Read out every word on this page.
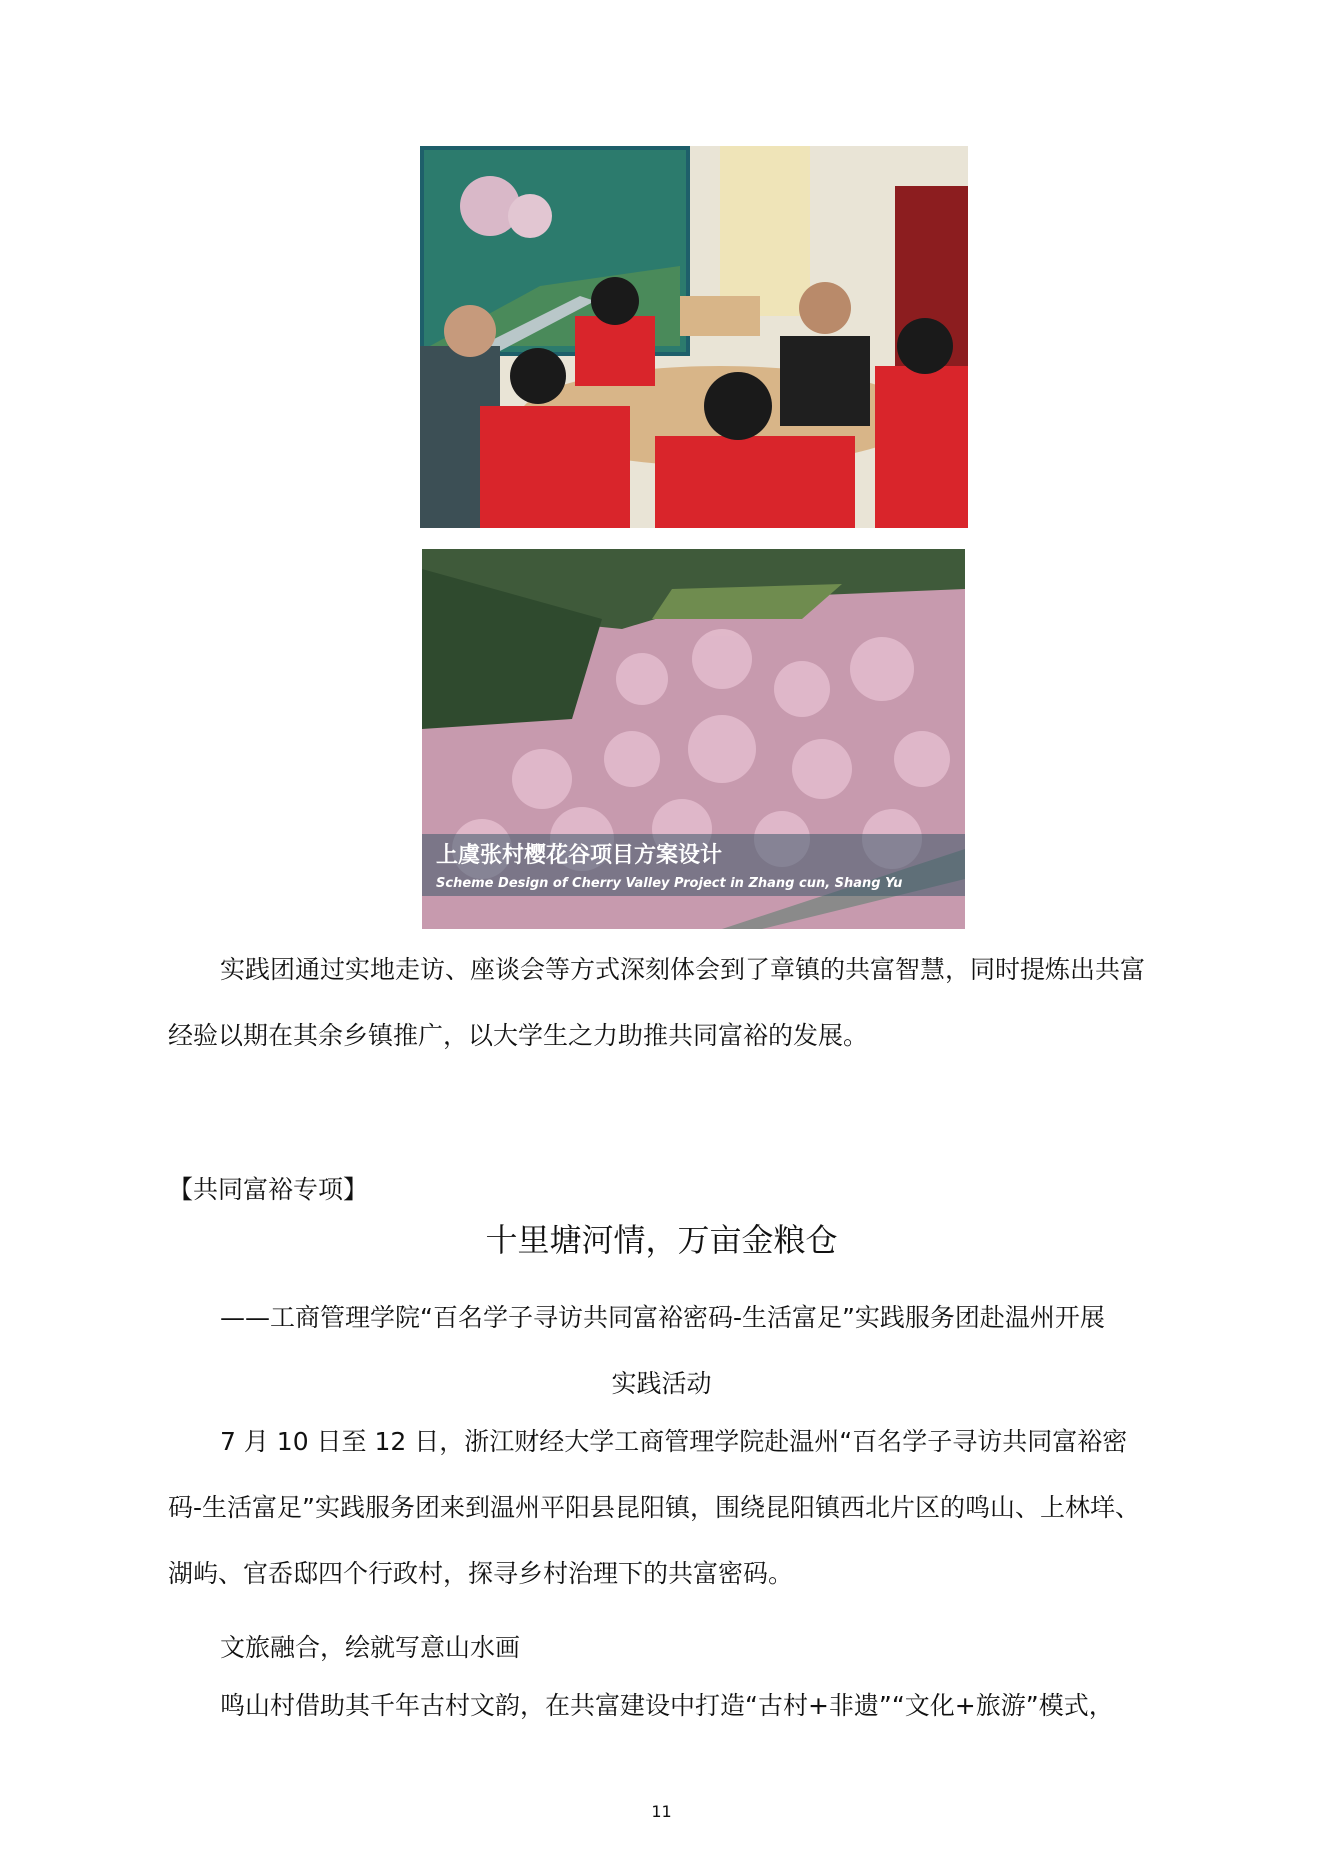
上虞张村樱花谷项目方案设计
Scheme Design of Cherry Valley Project in Zhang cun, Shang Yu

实践团通过实地走访、座谈会等方式深刻体会到了章镇的共富智慧，同时提炼出共富经验以期在其余乡镇推广，以大学生之力助推共同富裕的发展。

【共同富裕专项】

十里塘河情，万亩金粮仓

——工商管理学院“百名学子寻访共同富裕密码-生活富足”实践服务团赴温州开展

实践活动

7 月 10 日至 12 日，浙江财经大学工商管理学院赴温州“百名学子寻访共同富裕密码-生活富足”实践服务团来到温州平阳县昆阳镇，围绕昆阳镇西北片区的鸣山、上林垟、湖屿、官岙邸四个行政村，探寻乡村治理下的共富密码。

文旅融合，绘就写意山水画

鸣山村借助其千年古村文韵，在共富建设中打造“古村+非遗”“文化+旅游”模式，

11
